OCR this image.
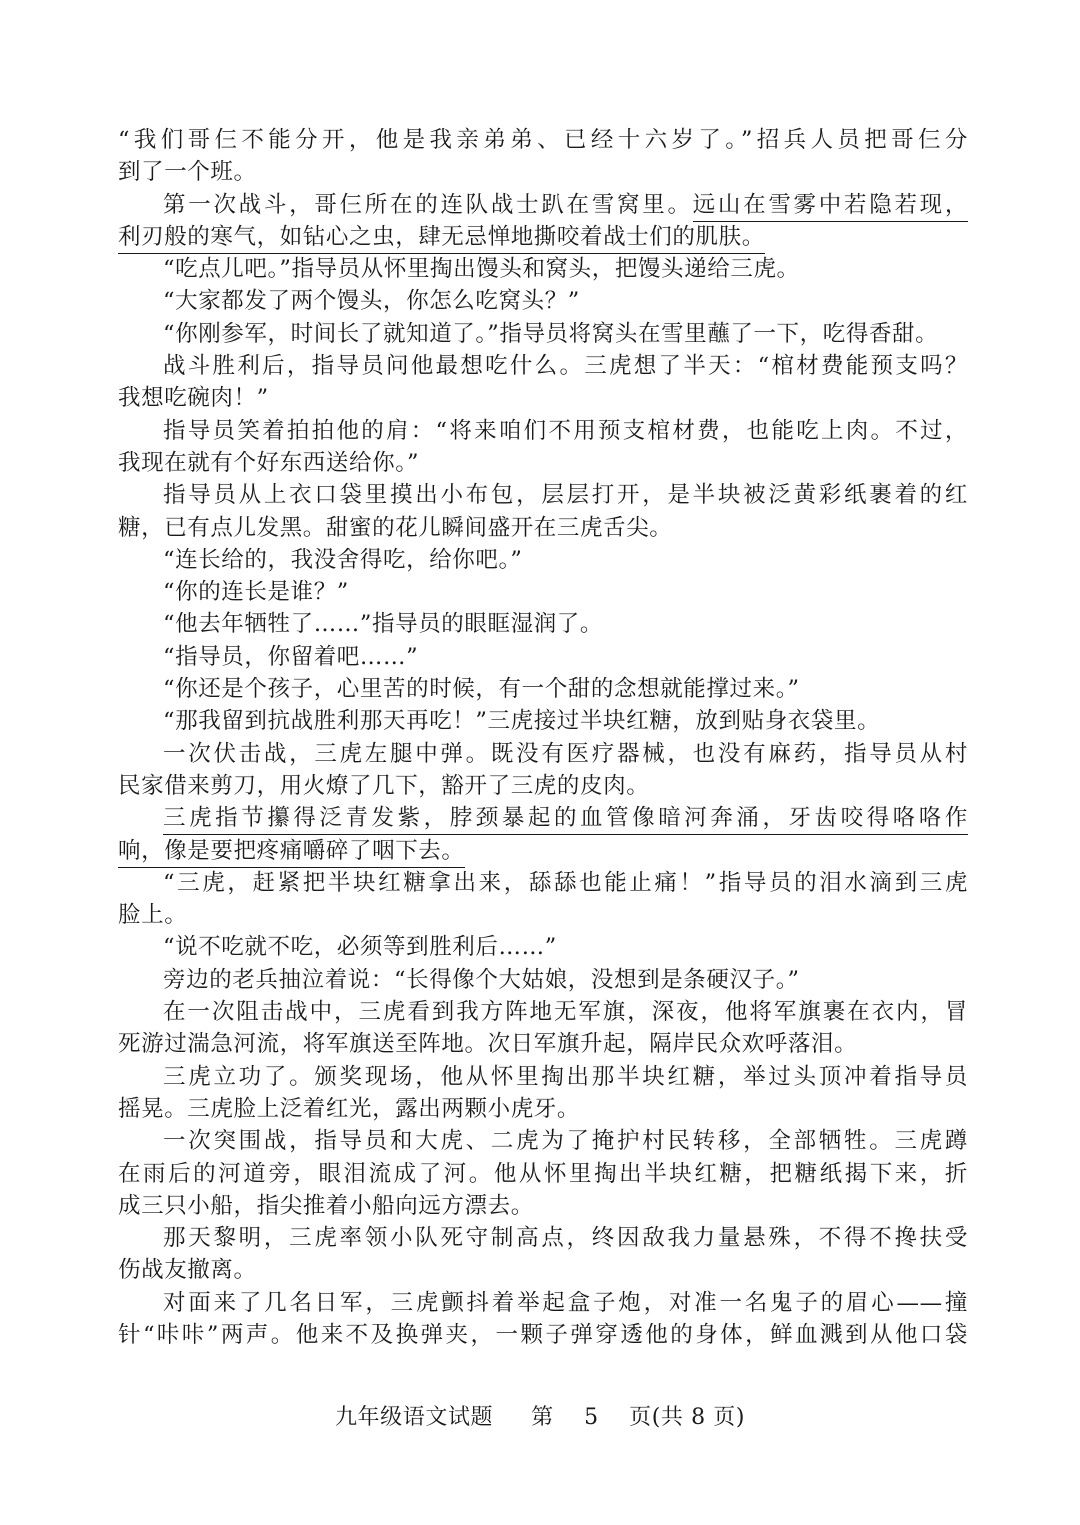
“我们哥仨不能分开，他是我亲弟弟、已经十六岁了。”招兵人员把哥仨分
到了一个班。
第一次战斗，哥仨所在的连队战士趴在雪窝里。远山在雪雾中若隐若现，
利刃般的寒气，如钻心之虫，肆无忌惮地撕咬着战士们的肌肤。
“吃点儿吧。”指导员从怀里掏出馒头和窝头，把馒头递给三虎。
“大家都发了两个馒头，你怎么吃窝头？”
“你刚参军，时间长了就知道了。”指导员将窝头在雪里蘸了一下，吃得香甜。
战斗胜利后，指导员问他最想吃什么。三虎想了半天：“棺材费能预支吗？
我想吃碗肉！”
指导员笑着拍拍他的肩：“将来咱们不用预支棺材费，也能吃上肉。不过，
我现在就有个好东西送给你。”
指导员从上衣口袋里摸出小布包，层层打开，是半块被泛黄彩纸裹着的红
糖，已有点儿发黑。甜蜜的花儿瞬间盛开在三虎舌尖。
“连长给的，我没舍得吃，给你吧。”
“你的连长是谁？”
“他去年牺牲了……”指导员的眼眶湿润了。
“指导员，你留着吧……”
“你还是个孩子，心里苦的时候，有一个甜的念想就能撑过来。”
“那我留到抗战胜利那天再吃！”三虎接过半块红糖，放到贴身衣袋里。
一次伏击战，三虎左腿中弹。既没有医疗器械，也没有麻药，指导员从村
民家借来剪刀，用火燎了几下，豁开了三虎的皮肉。
三虎指节攥得泛青发紫，脖颈暴起的血管像暗河奔涌，牙齿咬得咯咯作
响，像是要把疼痛嚼碎了咽下去。
“三虎，赶紧把半块红糖拿出来，舔舔也能止痛！”指导员的泪水滴到三虎
脸上。
“说不吃就不吃，必须等到胜利后……”
旁边的老兵抽泣着说：“长得像个大姑娘，没想到是条硬汉子。”
在一次阻击战中，三虎看到我方阵地无军旗，深夜，他将军旗裹在衣内，冒
死游过湍急河流，将军旗送至阵地。次日军旗升起，隔岸民众欢呼落泪。
三虎立功了。颁奖现场，他从怀里掏出那半块红糖，举过头顶冲着指导员
摇晃。三虎脸上泛着红光，露出两颗小虎牙。
一次突围战，指导员和大虎、二虎为了掩护村民转移，全部牺牲。三虎蹲
在雨后的河道旁，眼泪流成了河。他从怀里掏出半块红糖，把糖纸揭下来，折
成三只小船，指尖推着小船向远方漂去。
那天黎明，三虎率领小队死守制高点，终因敌我力量悬殊，不得不搀扶受
伤战友撤离。
对面来了几名日军，三虎颤抖着举起盒子炮，对准一名鬼子的眉心——撞
针“咔咔”两声。他来不及换弹夹，一颗子弹穿透他的身体，鲜血溅到从他口袋
九年级语文试题 第 5 页(共 8 页)
